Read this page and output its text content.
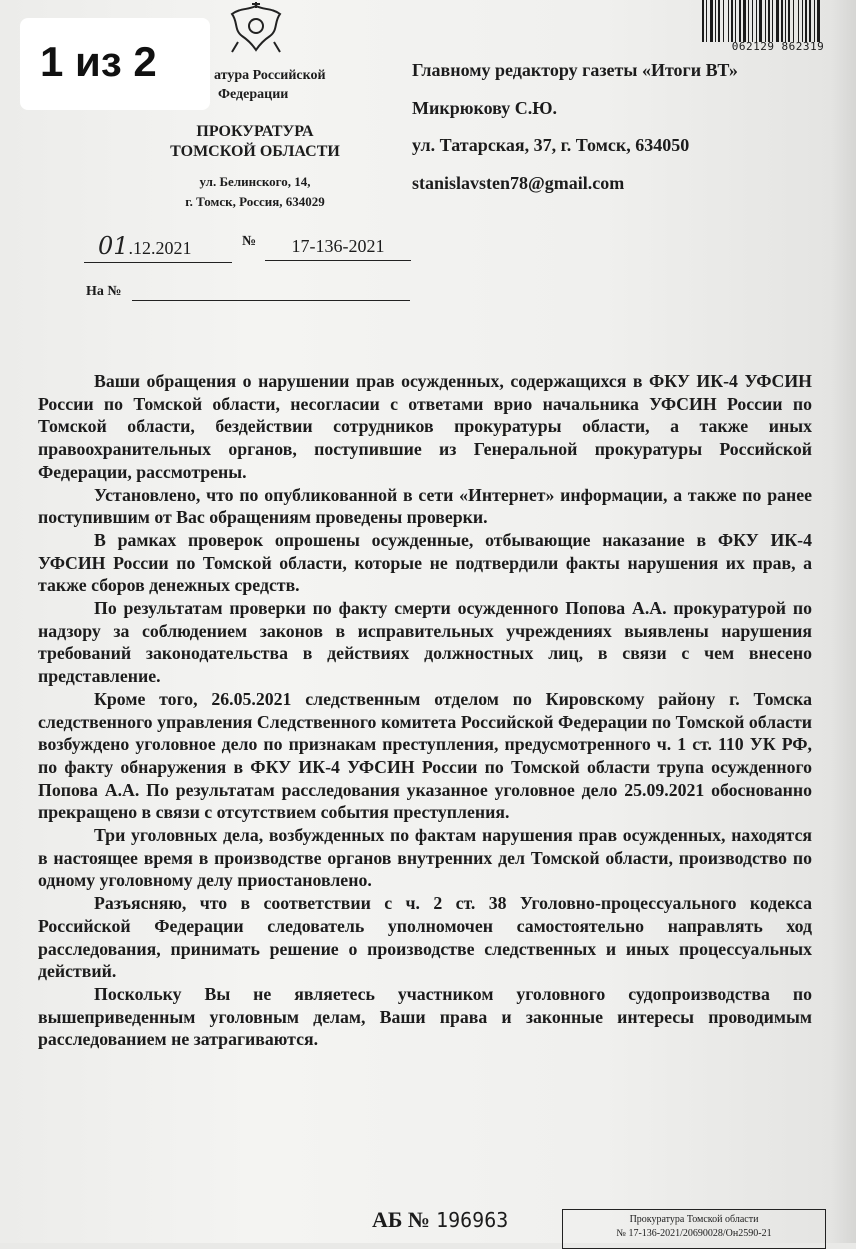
1 из 2	атура Российской
Федерации
ПРОКУРАТУРА
ТОМСКОЙ ОБЛАСТИ
ул. Белинского, 14,
г. Томск, Россия, 634029
01.12.2021	№	17-136-2021
На №
Главному редактору газеты «Итоги ВТ»
Микрюкову С.Ю.
ул. Татарская, 37, г. Томск, 634050
stanislavsten78@gmail.com
062129 862319

Ваши обращения о нарушении прав осужденных, содержащихся в ФКУ ИК-4 УФСИН России по Томской области, несогласии с ответами врио начальника УФСИН России по Томской области, бездействии сотрудников прокуратуры области, а также иных правоохранительных органов, поступившие из Генеральной прокуратуры Российской Федерации, рассмотрены.

Установлено, что по опубликованной в сети «Интернет» информации, а также по ранее поступившим от Вас обращениям проведены проверки.

В рамках проверок опрошены осужденные, отбывающие наказание в ФКУ ИК-4 УФСИН России по Томской области, которые не подтвердили факты нарушения их прав, а также сборов денежных средств.

По результатам проверки по факту смерти осужденного Попова А.А. прокуратурой по надзору за соблюдением законов в исправительных учреждениях выявлены нарушения требований законодательства в действиях должностных лиц, в связи с чем внесено представление.

Кроме того, 26.05.2021 следственным отделом по Кировскому району г. Томска следственного управления Следственного комитета Российской Федерации по Томской области возбуждено уголовное дело по признакам преступления, предусмотренного ч. 1 ст. 110 УК РФ, по факту обнаружения в ФКУ ИК-4 УФСИН России по Томской области трупа осужденного Попова А.А. По результатам расследования указанное уголовное дело 25.09.2021 обоснованно прекращено в связи с отсутствием события преступления.

Три уголовных дела, возбужденных по фактам нарушения прав осужденных, находятся в настоящее время в производстве органов внутренних дел Томской области, производство по одному уголовному делу приостановлено.

Разъясняю, что в соответствии с ч. 2 ст. 38 Уголовно-процессуального кодекса Российской Федерации следователь уполномочен самостоятельно направлять ход расследования, принимать решение о производстве следственных и иных процессуальных действий.

Поскольку Вы не являетесь участником уголовного судопроизводства по вышеприведенным уголовным делам, Ваши права и законные интересы проводимым расследованием не затрагиваются.

АБ № 196963	Прокуратура Томской области
№ 17-136-2021/20690028/Он2590-21
